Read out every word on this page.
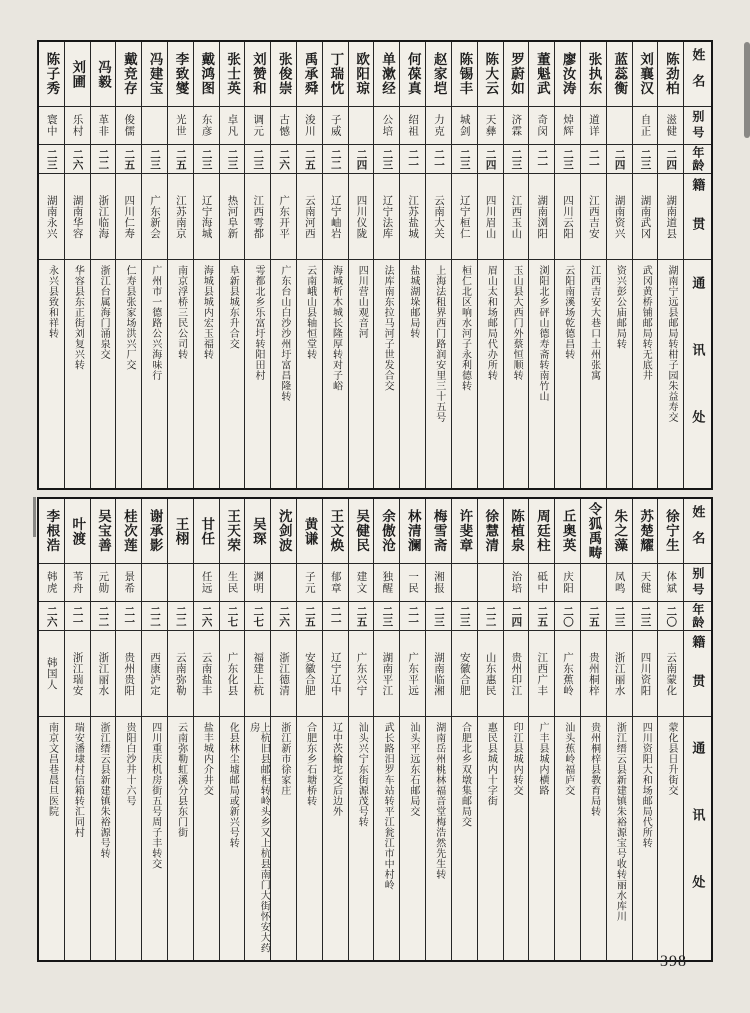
姓名
别号
年龄
籍贯
通讯处
陈劲柏
滋健
二四
湖南道县
湖南宁远县邮局转柑子园朱益寿交
刘襄汉
自正
二三
湖南武冈
武冈黄桥铺邮局转无底井
蓝蕊衡
二四
湖南资兴
资兴彭公庙邮局转
张执东
道详
二一
江西吉安
江西吉安大巷口土州张寓
廖汝涛
焯辉
二三
四川云阳
云阳南溪场乾德昌转
董魁武
奇闵
二一
湖南浏阳
浏阳北乡砰山德寿斋转南竹山
罗蔚如
济霖
二三
江西玉山
玉山县大西门外蔡恒顺转
陈大云
天彝
二四
四川眉山
眉山太和场邮局代办所转
陈锡丰
城剑
二三
辽宁桓仁
桓仁北区响水河子永利德转
赵家垲
力克
二一
云南大关
上海法租界西门路润安里三十五号
何葆真
绍祖
二一
江苏盐城
盐城湖垛邮局转
单漱经
公培
二三
辽宁法库
法库南东拉马河子世发合交
欧阳琼
二四
四川仪陇
四川营山观音河
丁瑞忱
子威
二二
辽宁岫岩
海城析木城长隆厚转对子峪
禹承舜
浚川
二五
云南河西
云南峨山县轴恒堂转
张俊崇
古憾
二六
广东开平
广东台山白沙沙州圩富昌隆转
刘赞和
调元
二三
江西雩都
雩都北乡乐富圩转阳田村
张士英
卓凡
二三
热河阜新
阜新县城东升合交
戴鸿图
东彦
二三
辽宁海城
海城县城内宏玉福转
李致燮
光世
二五
江苏南京
南京浮桥三民公司转
冯建宝
二三
广东新会
广州市一德路公兴海味行
戴竞存
俊儒
二五
四川仁寿
仁寿县张家场洪兴厂交
冯毅
革非
二二
浙江临海
浙江台属海门涌泉交
刘圃
乐村
二六
湖南华容
华容县东正街刘复兴转
陈子秀
寰中
二三
湖南永兴
永兴县致和祥转
姓名
别号
年龄
籍贯
通讯处
徐宁生
体斌
二〇
云南蒙化
蒙化县日升街交
苏楚耀
天健
二三
四川资阳
四川资阳大和场邮局代所转
朱之藻
凤鸣
二三
浙江丽水
浙江缙云县新建镇朱裕源宝号收转丽水库川
令狐禹畴
二五
贵州桐梓
贵州桐梓县教育局转
丘奥英
庆阳
二〇
广东蕉岭
汕头蕉岭福庐交
周廷柱
砥中
二五
江西广丰
广丰县城内横路
陈植泉
治培
二四
贵州印江
印江县城内转交
徐慧清
二二
山东惠民
惠民县城内十字街
许斐章
二三
安徽合肥
合肥北乡双墩集邮局交
梅雪斋
湘报
二三
湖南临湘
湖南岳州桃林福音堂梅浩然先生转
林清澜
一民
二一
广东平远
汕头平远东石邮局交
余傲沧
独醒
二三
湖南平江
武长路汨罗车站转平江瓮江市中村岭
吴健民
建文
二五
广东兴宁
汕头兴宁东街源茂号转
王文焕
郁章
二一
辽宁辽中
辽中茨榆坨交后边外
黄谦
子元
二五
安徽合肥
合肥东乡石塘桥转
沈剑波
二六
浙江德清
浙江新市徐家庄
吴琛
渊明
二七
福建上杭
上杭旧县邮柜转岭头乡又上杭县南门大街怀安大药房
王天荣
生民
二七
广东化县
化县林尘墟邮局或新兴号转
甘任
任远
二六
云南盐丰
盐丰城内介井交
王栩
二二
云南弥勒
云南弥勒虹溪分县东门街
谢承影
二二
西康泸定
四川重庆机房街五号周子丰转交
桂次莲
景希
二一
贵州贵阳
贵阳白沙井十六号
吴宝善
元勋
二二
浙江丽水
浙江缙云县新建镇朱裕源号转
叶渡
苇舟
二一
浙江瑞安
瑞安潘埭村信箱转汇同村
李根浩
韩虎
二六
韩国人
南京文昌巷晨旦医院
398
